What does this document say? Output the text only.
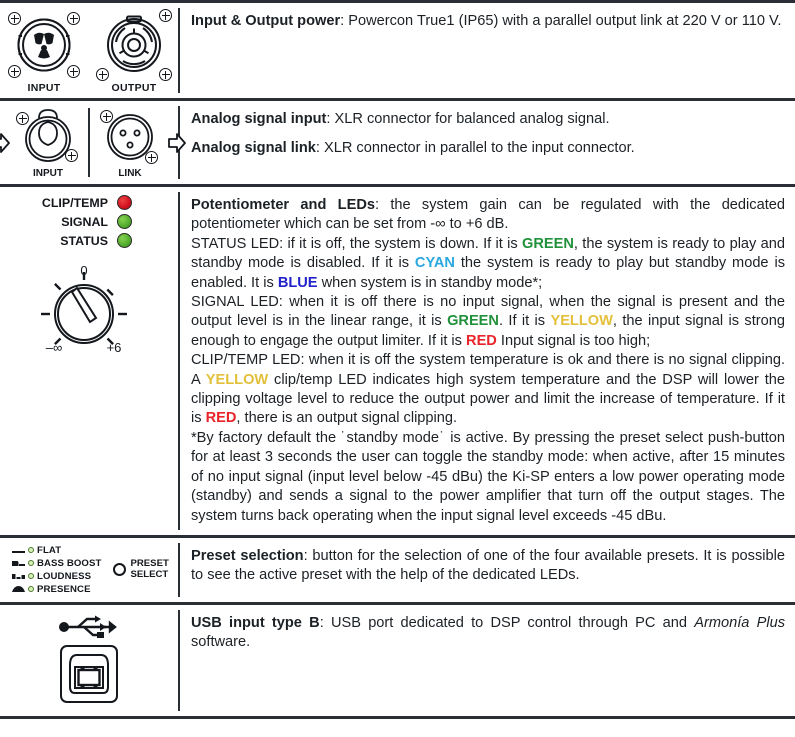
INPUT	OUTPUT

Input & Output power: Powercon True1 (IP65) with a parallel output link at 220 V or 110 V.

INPUT	LINK

Analog signal input: XLR connector for balanced analog signal.

Analog signal link: XLR connector in parallel to the input connector.

CLIP/TEMP
SIGNAL
STATUS
0
–∞	+6

Potentiometer and LEDs: the system gain can be regulated with the dedicated potentiometer which can be set from -∞ to +6 dB.

STATUS LED: if it is off, the system is down. If it is GREEN, the system is ready to play and standby mode is disabled. If it is CYAN the system is ready to play but standby mode is enabled. It is BLUE when system is in standby mode*;

SIGNAL LED: when it is off there is no input signal, when the signal is present and the output level is in the linear range, it is GREEN. If it is YELLOW, the input signal is strong enough to engage the output limiter. If it is RED Input signal is too high;

CLIP/TEMP LED: when it is off the system temperature is ok and there is no signal clipping. A YELLOW clip/temp LED indicates high system temperature and the DSP will lower the clipping voltage level to reduce the output power and limit the increase of temperature. If it is RED, there is an output signal clipping.

*By factory default the ˙standby mode˙ is active. By pressing the preset select push-button for at least 3 seconds the user can toggle the standby mode: when active, after 15 minutes of no input signal (input level below -45 dBu) the Ki-SP enters a low power operating mode (standby) and sends a signal to the power amplifier that turn off the output stages. The system turns back operating when the input signal level exceeds -45 dBu.

FLAT
BASS BOOST
LOUDNESS
PRESENCE
PRESET
SELECT

Preset selection: button for the selection of one of the four available presets. It is possible to see the active preset with the help of the dedicated LEDs.

USB input type B: USB port dedicated to DSP control through PC and Armonía Plus software.
